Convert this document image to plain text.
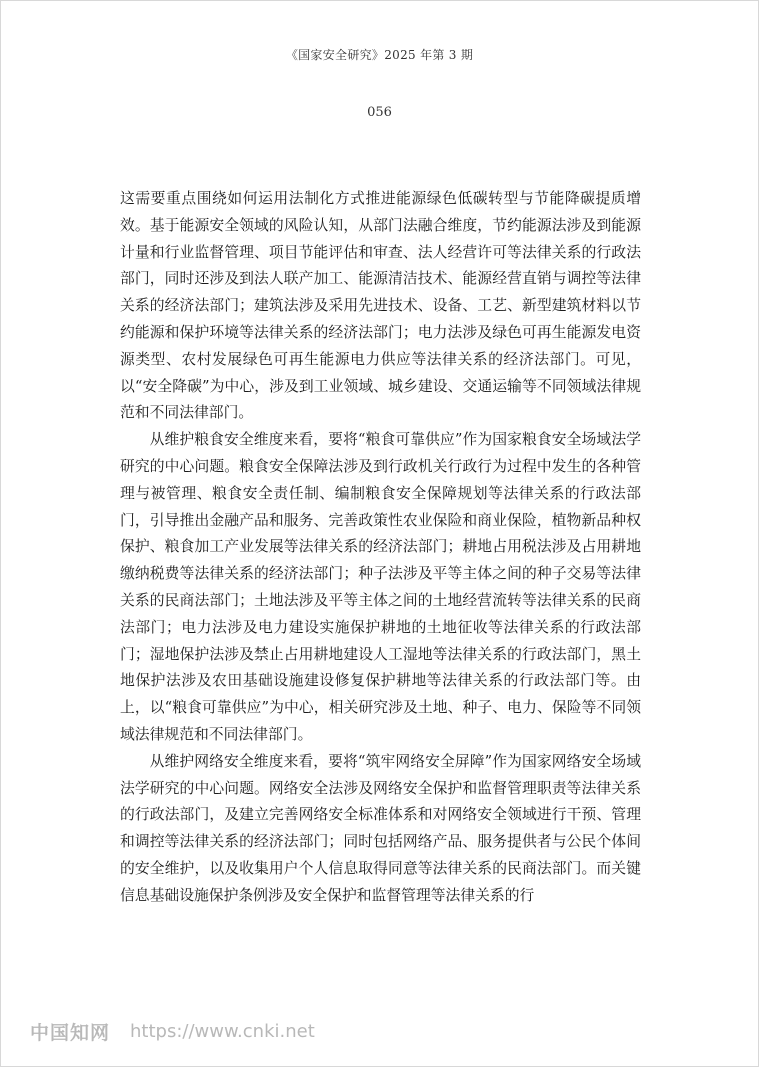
《国家安全研究》2025 年第 3 期
056

这需要重点围绕如何运用法制化方式推进能源绿色低碳转型与节能降碳提质增效。基于能源安全领域的风险认知，从部门法融合维度，节约能源法涉及到能源计量和行业监督管理、项目节能评估和审查、法人经营许可等法律关系的行政法部门，同时还涉及到法人联产加工、能源清洁技术、能源经营直销与调控等法律关系的经济法部门；建筑法涉及采用先进技术、设备、工艺、新型建筑材料以节约能源和保护环境等法律关系的经济法部门；电力法涉及绿色可再生能源发电资源类型、农村发展绿色可再生能源电力供应等法律关系的经济法部门。可见，以“安全降碳”为中心，涉及到工业领域、城乡建设、交通运输等不同领域法律规范和不同法律部门。

从维护粮食安全维度来看，要将“粮食可靠供应”作为国家粮食安全场域法学研究的中心问题。粮食安全保障法涉及到行政机关行政行为过程中发生的各种管理与被管理、粮食安全责任制、编制粮食安全保障规划等法律关系的行政法部门，引导推出金融产品和服务、完善政策性农业保险和商业保险，植物新品种权保护、粮食加工产业发展等法律关系的经济法部门；耕地占用税法涉及占用耕地缴纳税费等法律关系的经济法部门；种子法涉及平等主体之间的种子交易等法律关系的民商法部门；土地法涉及平等主体之间的土地经营流转等法律关系的民商法部门；电力法涉及电力建设实施保护耕地的土地征收等法律关系的行政法部门；湿地保护法涉及禁止占用耕地建设人工湿地等法律关系的行政法部门，黑土地保护法涉及农田基础设施建设修复保护耕地等法律关系的行政法部门等。由上，以“粮食可靠供应”为中心，相关研究涉及土地、种子、电力、保险等不同领域法律规范和不同法律部门。

从维护网络安全维度来看，要将“筑牢网络安全屏障”作为国家网络安全场域法学研究的中心问题。网络安全法涉及网络安全保护和监督管理职责等法律关系的行政法部门，及建立完善网络安全标准体系和对网络安全领域进行干预、管理和调控等法律关系的经济法部门；同时包括网络产品、服务提供者与公民个体间的安全维护，以及收集用户个人信息取得同意等法律关系的民商法部门。而关键信息基础设施保护条例涉及安全保护和监督管理等法律关系的行

中国知网 https://www.cnki.net
